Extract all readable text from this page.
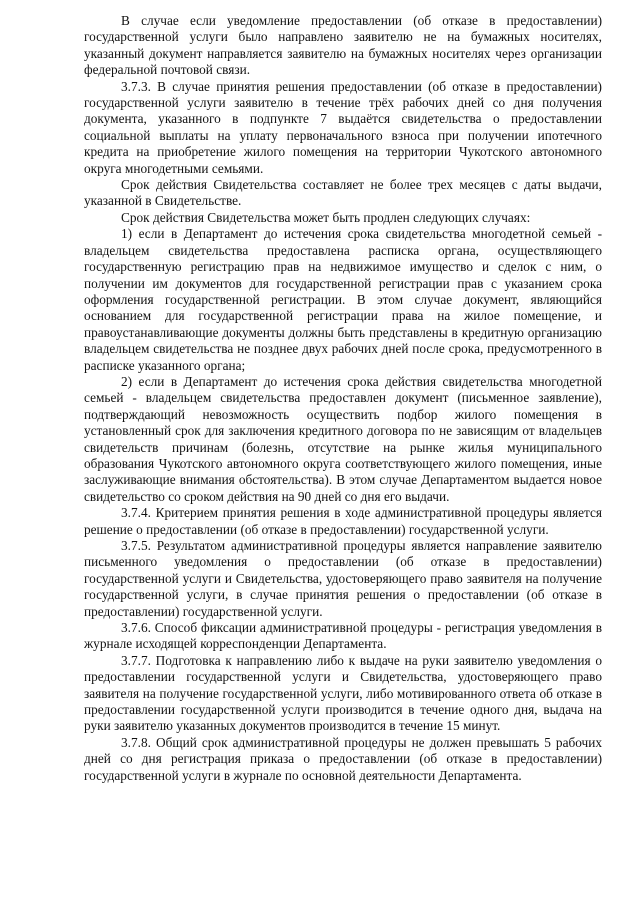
В случае если уведомление предоставлении (об отказе в предоставлении) государственной услуги было направлено заявителю не на бумажных носителях, указанный документ направляется заявителю на бумажных носителях через организации федеральной почтовой связи.

3.7.3. В случае принятия решения предоставлении (об отказе в предоставлении) государственной услуги заявителю в течение трёх рабочих дней со дня получения документа, указанного в подпункте 7 выдаётся свидетельства о предоставлении социальной выплаты на уплату первоначального взноса при получении ипотечного кредита на приобретение жилого помещения на территории Чукотского автономного округа многодетными семьями.

Срок действия Свидетельства составляет не более трех месяцев с даты выдачи, указанной в Свидетельстве.

Срок действия Свидетельства может быть продлен следующих случаях:

1) если в Департамент до истечения срока свидетельства многодетной семьей - владельцем свидетельства предоставлена расписка органа, осуществляющего государственную регистрацию прав на недвижимое имущество и сделок с ним, о получении им документов для государственной регистрации прав с указанием срока оформления государственной регистрации. В этом случае документ, являющийся основанием для государственной регистрации права на жилое помещение, и правоустанавливающие документы должны быть представлены в кредитную организацию владельцем свидетельства не позднее двух рабочих дней после срока, предусмотренного в расписке указанного органа;

2) если в Департамент до истечения срока действия свидетельства многодетной семьей - владельцем свидетельства предоставлен документ (письменное заявление), подтверждающий невозможность осуществить подбор жилого помещения в установленный срок для заключения кредитного договора по не зависящим от владельцев свидетельств причинам (болезнь, отсутствие на рынке жилья муниципального образования Чукотского автономного округа соответствующего жилого помещения, иные заслуживающие внимания обстоятельства). В этом случае Департаментом выдается новое свидетельство со сроком действия на 90 дней со дня его выдачи.

3.7.4. Критерием принятия решения в ходе административной процедуры является решение о предоставлении (об отказе в предоставлении) государственной услуги.

3.7.5. Результатом административной процедуры является направление заявителю письменного уведомления о предоставлении (об отказе в предоставлении) государственной услуги и Свидетельства, удостоверяющего право заявителя на получение государственной услуги, в случае принятия решения о предоставлении (об отказе в предоставлении) государственной услуги.

3.7.6. Способ фиксации административной процедуры - регистрация уведомления в журнале исходящей корреспонденции Департамента.

3.7.7. Подготовка к направлению либо к выдаче на руки заявителю уведомления о предоставлении государственной услуги и Свидетельства, удостоверяющего право заявителя на получение государственной услуги, либо мотивированного ответа об отказе в предоставлении государственной услуги производится в течение одного дня, выдача на руки заявителю указанных документов производится в течение 15 минут.

3.7.8. Общий срок административной процедуры не должен превышать 5 рабочих дней со дня регистрация приказа о предоставлении (об отказе в предоставлении) государственной услуги в журнале по основной деятельности Департамента.
